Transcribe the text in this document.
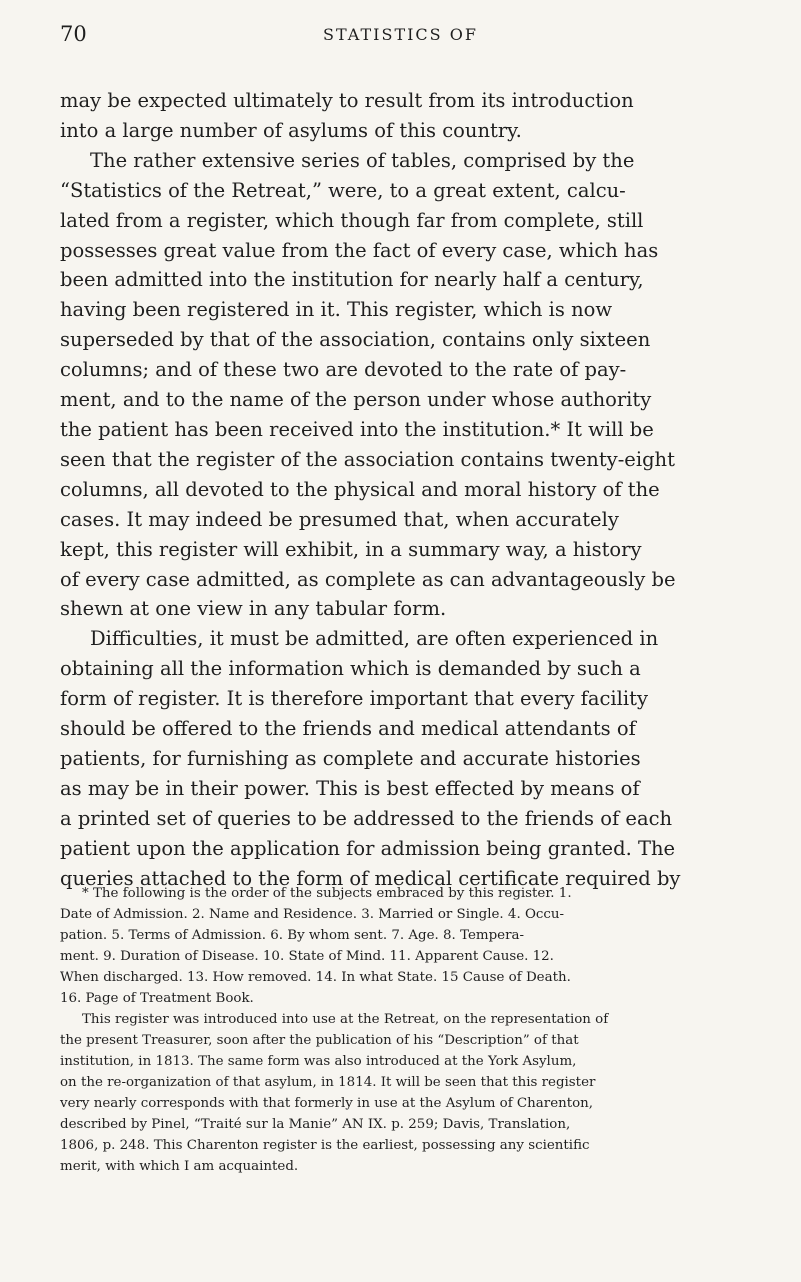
70	STATISTICS OF
may be expected ultimately to result from its introduction
into a large number of asylums of this country.
The rather extensive series of tables, comprised by the
“Statistics of the Retreat,” were, to a great extent, calcu-
lated from a register, which though far from complete, still
possesses great value from the fact of every case, which has
been admitted into the institution for nearly half a century,
having been registered in it. This register, which is now
superseded by that of the association, contains only sixteen
columns; and of these two are devoted to the rate of pay-
ment, and to the name of the person under whose authority
the patient has been received into the institution.* It will be
seen that the register of the association contains twenty-eight
columns, all devoted to the physical and moral history of the
cases. It may indeed be presumed that, when accurately
kept, this register will exhibit, in a summary way, a history
of every case admitted, as complete as can advantageously be
shewn at one view in any tabular form.
Difficulties, it must be admitted, are often experienced in
obtaining all the information which is demanded by such a
form of register. It is therefore important that every facility
should be offered to the friends and medical attendants of
patients, for furnishing as complete and accurate histories
as may be in their power. This is best effected by means of
a printed set of queries to be addressed to the friends of each
patient upon the application for admission being granted. The
queries attached to the form of medical certificate required by
* The following is the order of the subjects embraced by this register. 1.
Date of Admission. 2. Name and Residence. 3. Married or Single. 4. Occu-
pation. 5. Terms of Admission. 6. By whom sent. 7. Age. 8. Tempera-
ment. 9. Duration of Disease. 10. State of Mind. 11. Apparent Cause. 12.
When discharged. 13. How removed. 14. In what State. 15 Cause of Death.
16. Page of Treatment Book.
This register was introduced into use at the Retreat, on the representation of
the present Treasurer, soon after the publication of his “Description” of that
institution, in 1813. The same form was also introduced at the York Asylum,
on the re-organization of that asylum, in 1814. It will be seen that this register
very nearly corresponds with that formerly in use at the Asylum of Charenton,
described by Pinel, “Traité sur la Manie” AN IX. p. 259; Davis, Translation,
1806, p. 248. This Charenton register is the earliest, possessing any scientific
merit, with which I am acquainted.
